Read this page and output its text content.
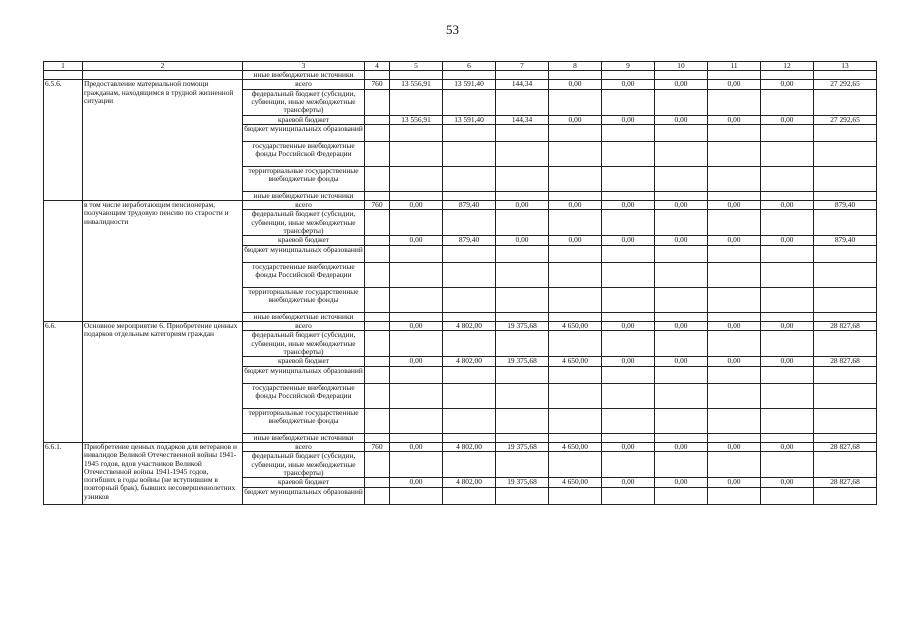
53
1	2	3	4	5	6	7	8	9	10	11	12	13
		иные внебюджетные источники										
6.5.6.	Предоставление материальной помощи гражданам, находящимся в трудной жизненной ситуации	всего	760	13 556,91	13 591,40	144,34	0,00	0,00	0,00	0,00	0,00	27 292,65
		федеральный бюджет (субсидии, субвенции, иные межбюджетные трансферты)										
		краевой бюджет		13 556,91	13 591,40	144,34	0,00	0,00	0,00	0,00	0,00	27 292,65
		бюджет муниципальных образований										
		государственные внебюджетные фонды Российской Федерации										
		территориальные государственные внебюджетные фонды										
		иные внебюджетные источники										
	в том числе неработающим пенсионерам, получающим трудовую пенсию по старости и инвалидности	всего	760	0,00	879,40	0,00	0,00	0,00	0,00	0,00	0,00	879,40
		федеральный бюджет (субсидии, субвенции, иные межбюджетные трансферты)										
		краевой бюджет		0,00	879,40	0,00	0,00	0,00	0,00	0,00	0,00	879,40
		бюджет муниципальных образований										
		государственные внебюджетные фонды Российской Федерации										
		территориальные государственные внебюджетные фонды										
		иные внебюджетные источники										
6.6.	Основное мероприятие 6. Приобретение ценных подарков отдельным категориям граждан	всего		0,00	4 802,00	19 375,68	4 650,00	0,00	0,00	0,00	0,00	28 827,68
		федеральный бюджет (субсидии, субвенции, иные межбюджетные трансферты)										
		краевой бюджет		0,00	4 802,00	19 375,68	4 650,00	0,00	0,00	0,00	0,00	28 827,68
		бюджет муниципальных образований										
		государственные внебюджетные фонды Российской Федерации										
		территориальные государственные внебюджетные фонды										
		иные внебюджетные источники										
6.6.1.	Приобретение ценных подарков для ветеранов и инвалидов Великой Отечественной войны 1941-1945 годов, вдов участников Великой Отечественной войны 1941-1945 годов, погибших в годы войны (не вступившим в повторный брак), бывших несовершеннолетних узников	всего	760	0,00	4 802,00	19 375,68	4 650,00	0,00	0,00	0,00	0,00	28 827,68
		федеральный бюджет (субсидии, субвенции, иные межбюджетные трансферты)										
		краевой бюджет		0,00	4 802,00	19 375,68	4 650,00	0,00	0,00	0,00	0,00	28 827,68
		бюджет муниципальных образований										
